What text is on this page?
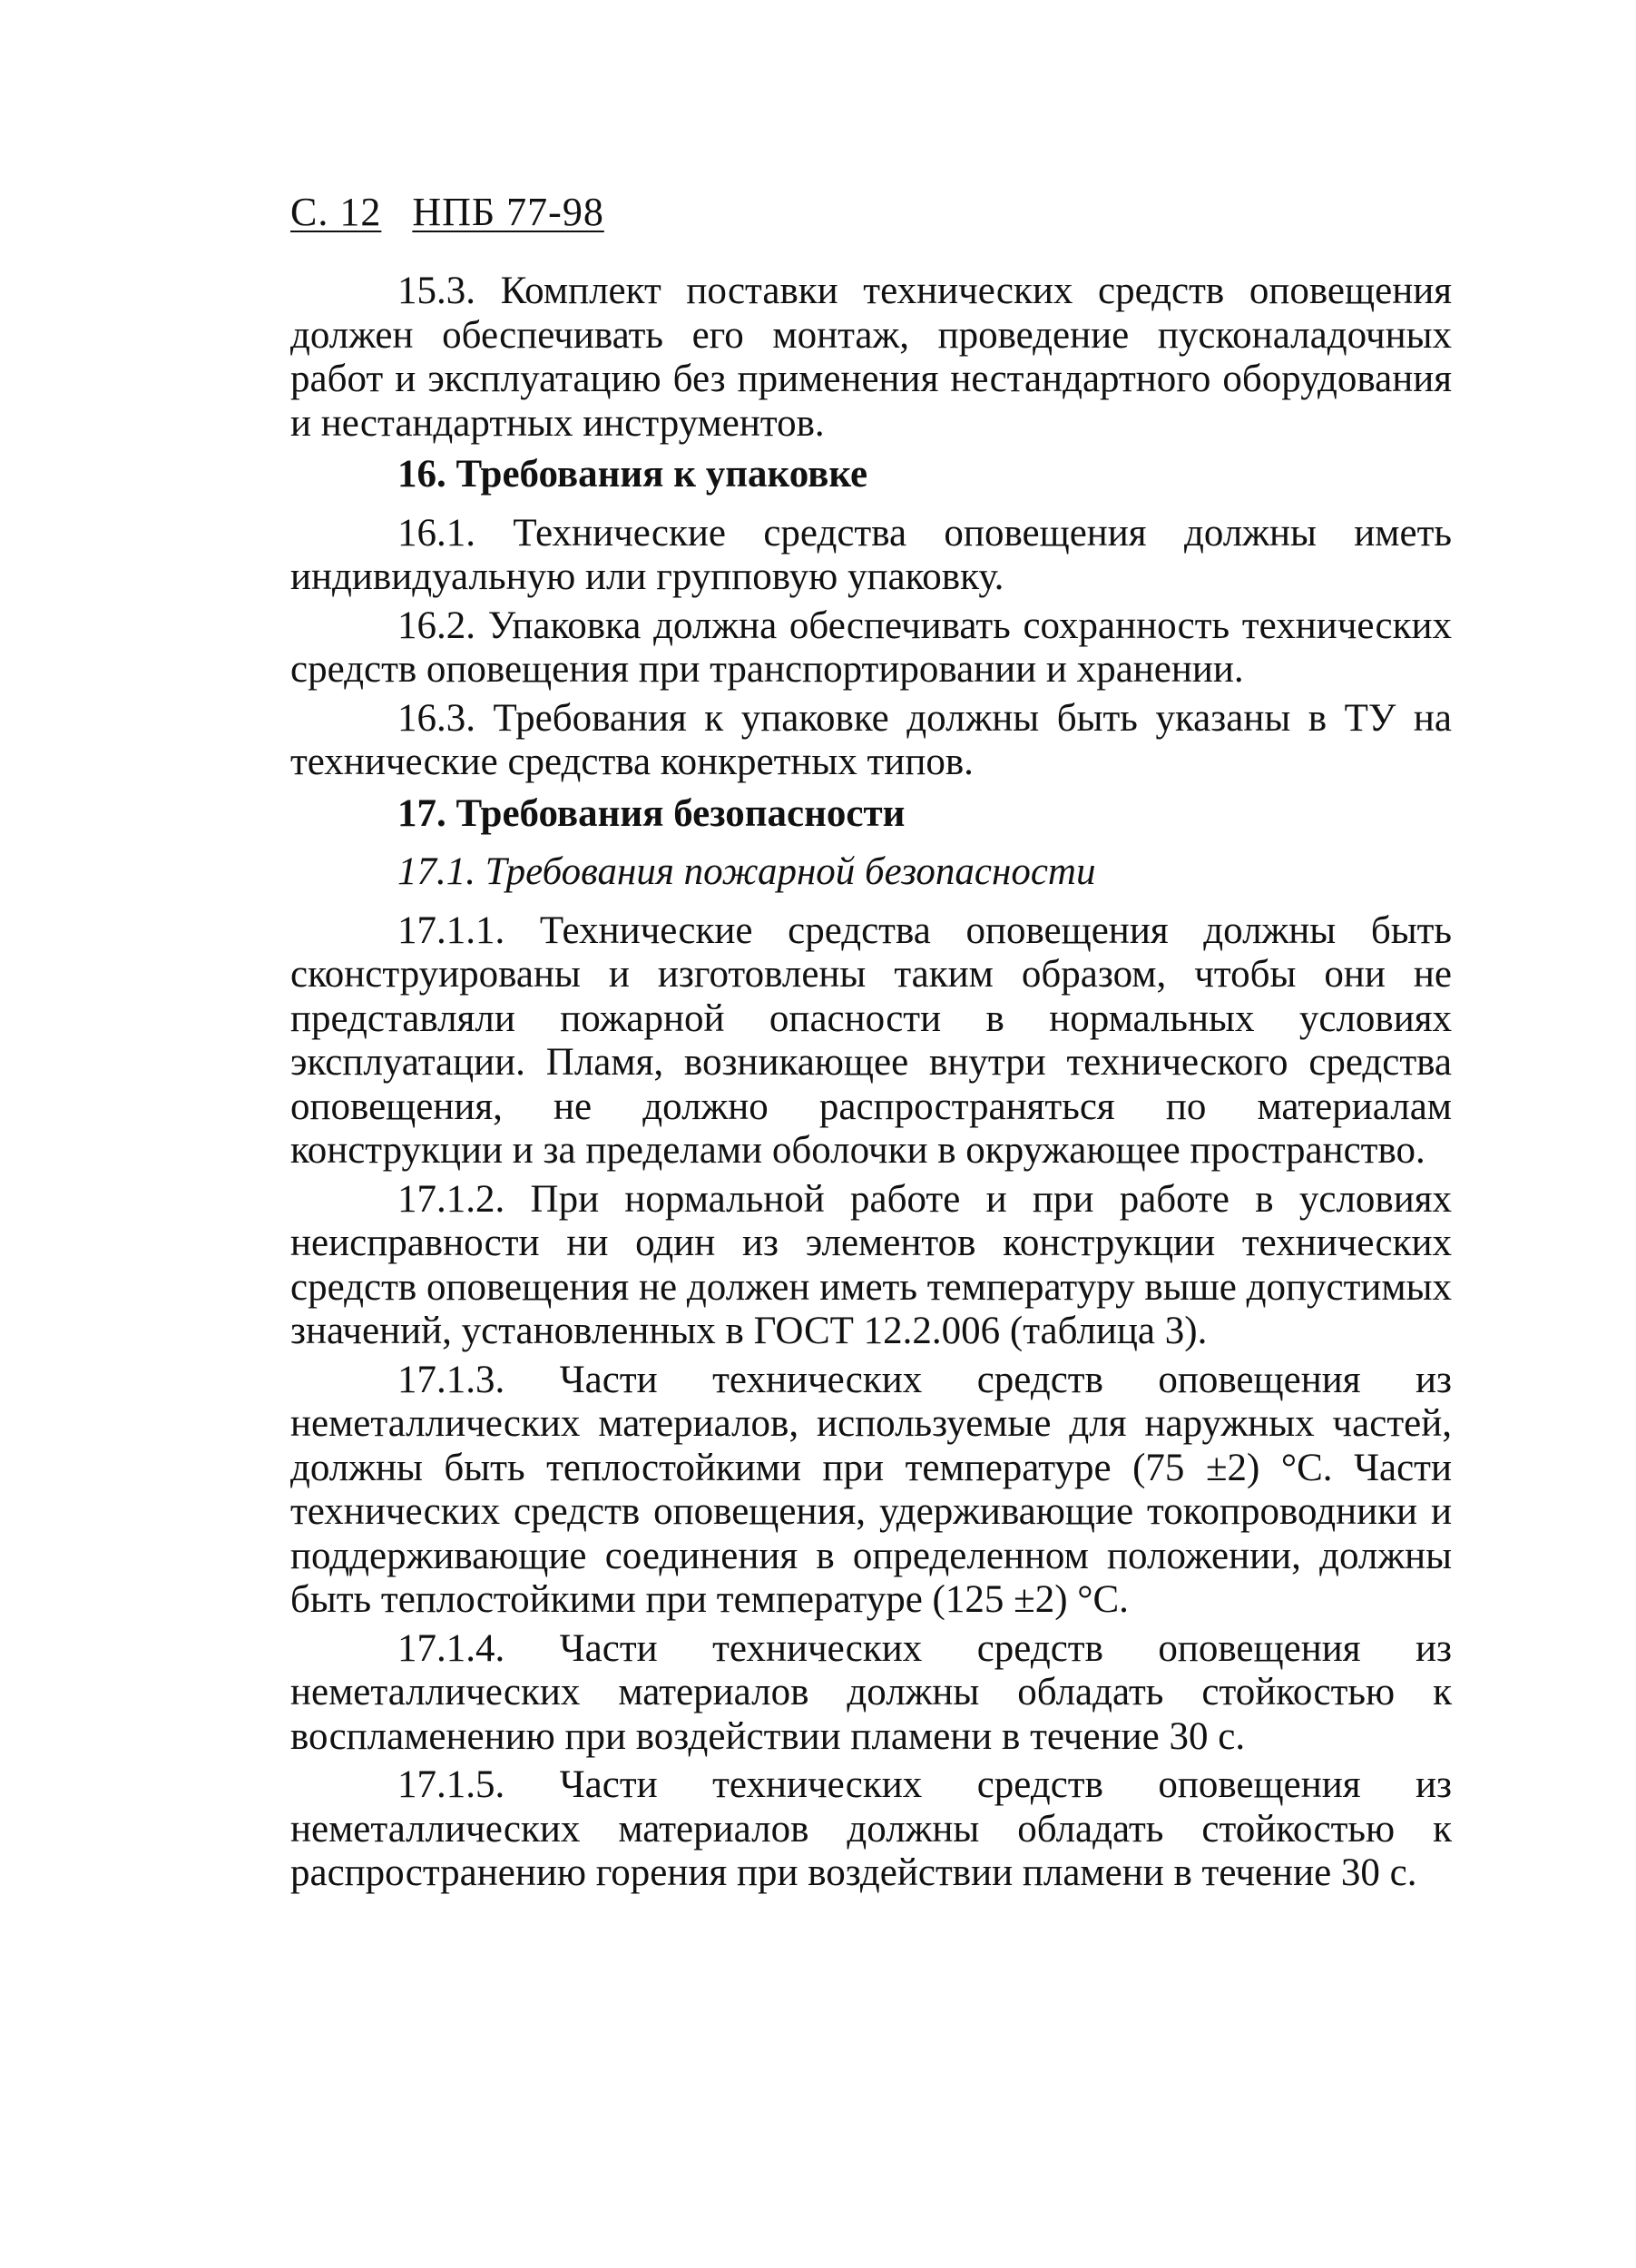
С. 12 НПБ 77-98

15.3. Комплект поставки технических средств оповещения должен обеспечивать его монтаж, проведение пусконаладочных работ и эксплуатацию без применения нестандартного оборудования и нестандартных инструментов.

16. Требования к упаковке

16.1. Технические средства оповещения должны иметь индивидуальную или групповую упаковку.

16.2. Упаковка должна обеспечивать сохранность технических средств оповещения при транспортировании и хранении.

16.3. Требования к упаковке должны быть указаны в ТУ на технические средства конкретных типов.

17. Требования безопасности

17.1. Требования пожарной безопасности

17.1.1. Технические средства оповещения должны быть сконструированы и изготовлены таким образом, чтобы они не представляли пожарной опасности в нормальных условиях эксплуатации. Пламя, возникающее внутри технического средства оповещения, не должно распространяться по материалам конструкции и за пределами оболочки в окружающее пространство.

17.1.2. При нормальной работе и при работе в условиях неисправности ни один из элементов конструкции технических средств оповещения не должен иметь температуру выше допустимых значений, установленных в ГОСТ 12.2.006 (таблица 3).

17.1.3. Части технических средств оповещения из неметаллических материалов, используемые для наружных частей, должны быть теплостойкими при температуре (75 ±2) °С. Части технических средств оповещения, удерживающие токопроводники и поддерживающие соединения в определенном положении, должны быть теплостойкими при температуре (125 ±2) °С.

17.1.4. Части технических средств оповещения из неметаллических материалов должны обладать стойкостью к воспламенению при воздействии пламени в течение 30 с.

17.1.5. Части технических средств оповещения из неметаллических материалов должны обладать стойкостью к распространению горения при воздействии пламени в течение 30 с.
